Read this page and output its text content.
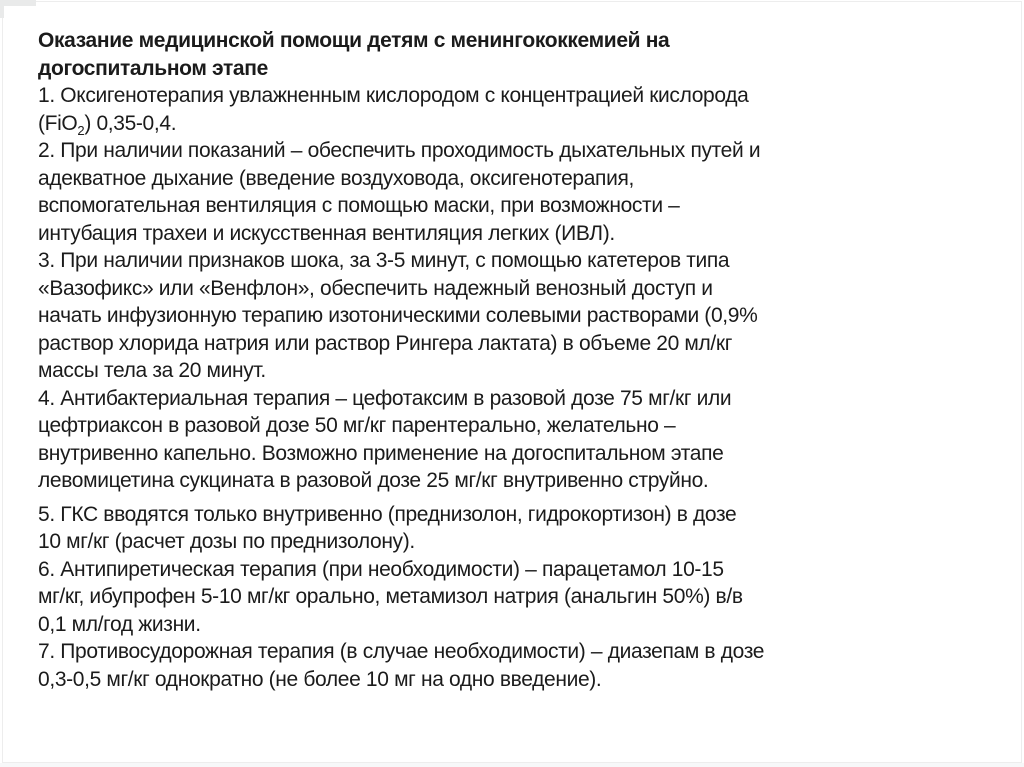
Оказание медицинской помощи детям с менингококкемией на
догоспитальном этапе
1. Оксигенотерапия увлажненным кислородом с концентрацией кислорода
(FiO$_2$) 0,35-0,4.
2. При наличии показаний – обеспечить проходимость дыхательных путей и
адекватное дыхание (введение воздуховода, оксигенотерапия,
вспомогательная вентиляция с помощью маски, при возможности –
интубация трахеи и искусственная вентиляция легких (ИВЛ).
3. При наличии признаков шока, за 3-5 минут, с помощью катетеров типа
«Вазофикс» или «Венфлон», обеспечить надежный венозный доступ и
начать инфузионную терапию изотоническими солевыми растворами (0,9%
раствор хлорида натрия или раствор Рингера лактата) в объеме 20 мл/кг
массы тела за 20 минут.
4. Антибактериальная терапия – цефотаксим в разовой дозе 75 мг/кг или
цефтриаксон в разовой дозе 50 мг/кг парентерально, желательно –
внутривенно капельно. Возможно применение на догоспитальном этапе
левомицетина сукцината в разовой дозе 25 мг/кг внутривенно струйно.
5. ГКС вводятся только внутривенно (преднизолон, гидрокортизон) в дозе
10 мг/кг (расчет дозы по преднизолону).
6. Антипиретическая терапия (при необходимости) – парацетамол 10-15
мг/кг, ибупрофен 5-10 мг/кг орально, метамизол натрия (анальгин 50%) в/в
0,1 мл/год жизни.
7. Противосудорожная терапия (в случае необходимости) – диазепам в дозе
0,3-0,5 мг/кг однократно (не более 10 мг на одно введение).
